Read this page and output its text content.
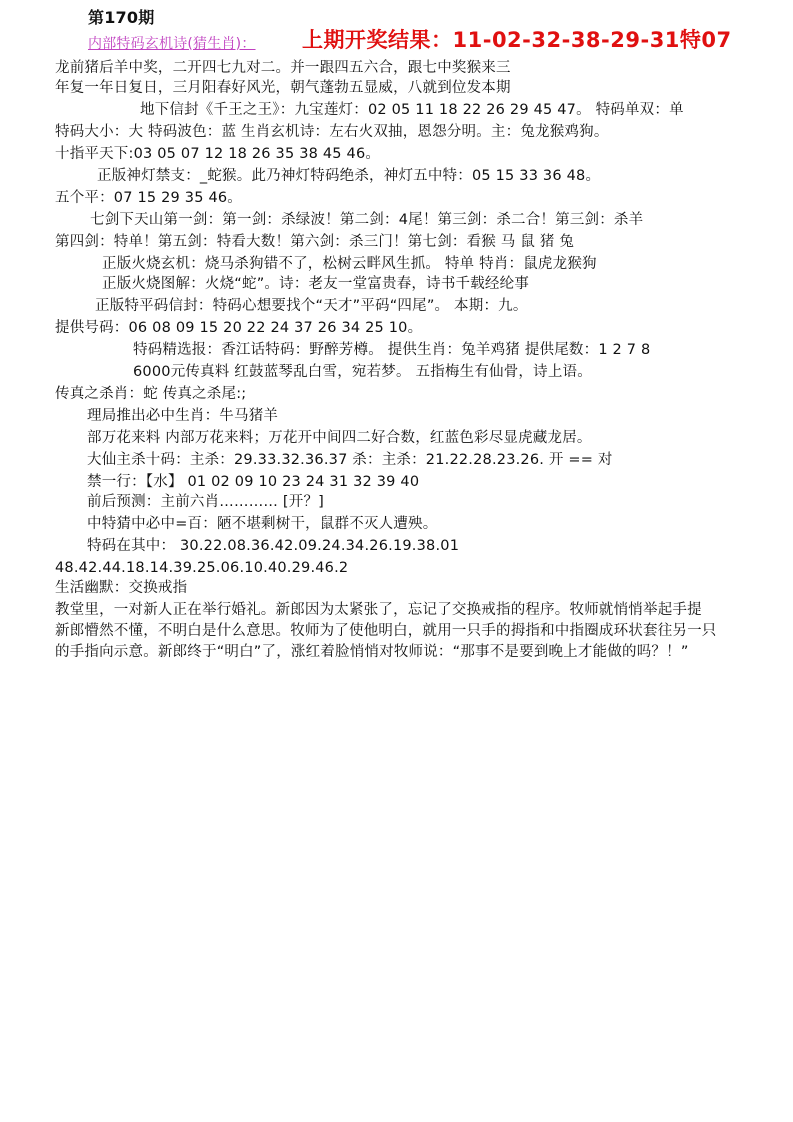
第170期
内部特码玄机诗(猜生肖)： 上期开奖结果：11-02-32-38-29-31特07
龙前猪后羊中奖，二开四七九对二。并一跟四五六合，跟七中奖猴来三
年复一年日复日，三月阳春好风光，朝气蓬勃五显威，八就到位发本期
地下信封《千王之王》：九宝莲灯：02 05 11 18 22 26 29 45 47。 特码单双：单
特码大小：大 特码波色：蓝 生肖玄机诗：左右火双抽，恩怨分明。主：兔龙猴鸡狗。
十指平天下:03 05 07 12 18 26 35 38 45 46。
正版神灯禁支：_蛇猴。此乃神灯特码绝杀，神灯五中特：05 15 33 36 48。
五个平：07 15 29 35 46。
七剑下天山第一剑：第一剑：杀绿波！第二剑：4尾！第三剑：杀二合！第三剑：杀羊
第四剑：特单！第五剑：特看大数！第六剑：杀三门！第七剑：看猴 马 鼠 猪 兔
正版火烧玄机：烧马杀狗错不了，松树云畔风生抓。 特单 特肖：鼠虎龙猴狗
正版火烧图解：火烧“蛇”。诗：老友一堂富贵春，诗书千载经纶事
正版特平码信封：特码心想要找个“天才”平码“四尾”。 本期：九。
提供号码：06 08 09 15 20 22 24 37 26 34 25 10。
特码精选报：香江话特码：野醉芳樽。 提供生肖：兔羊鸡猪 提供尾数：1 2 7 8
6000元传真料 红鼓蓝琴乱白雪，宛若梦。 五指梅生有仙骨，诗上语。
传真之杀肖：蛇 传真之杀尾:;
理局推出必中生肖：牛马猪羊
部万花来料 内部万花来料；万花开中间四二好合数，红蓝色彩尽显虎藏龙居。
大仙主杀十码：主杀：29.33.32.36.37 杀：主杀：21.22.28.23.26. 开 == 对
禁一行：【水】 01 02 09 10 23 24 31 32 39 40
前后预测：主前六肖………… [开？]
中特猜中必中=百：陋不堪剩树干，鼠群不灭人遭殃。
特码在其中： 30.22.08.36.42.09.24.34.26.19.38.01
48.42.44.18.14.39.25.06.10.40.29.46.2
生活幽默：交换戒指
教堂里，一对新人正在举行婚礼。新郎因为太紧张了，忘记了交换戒指的程序。牧师就悄悄举起手提
新郎懵然不懂，不明白是什么意思。牧师为了使他明白，就用一只手的拇指和中指圈成环状套往另一只
的手指向示意。新郎终于“明白”了，涨红着脸悄悄对牧师说：“那事不是要到晚上才能做的吗？！”
